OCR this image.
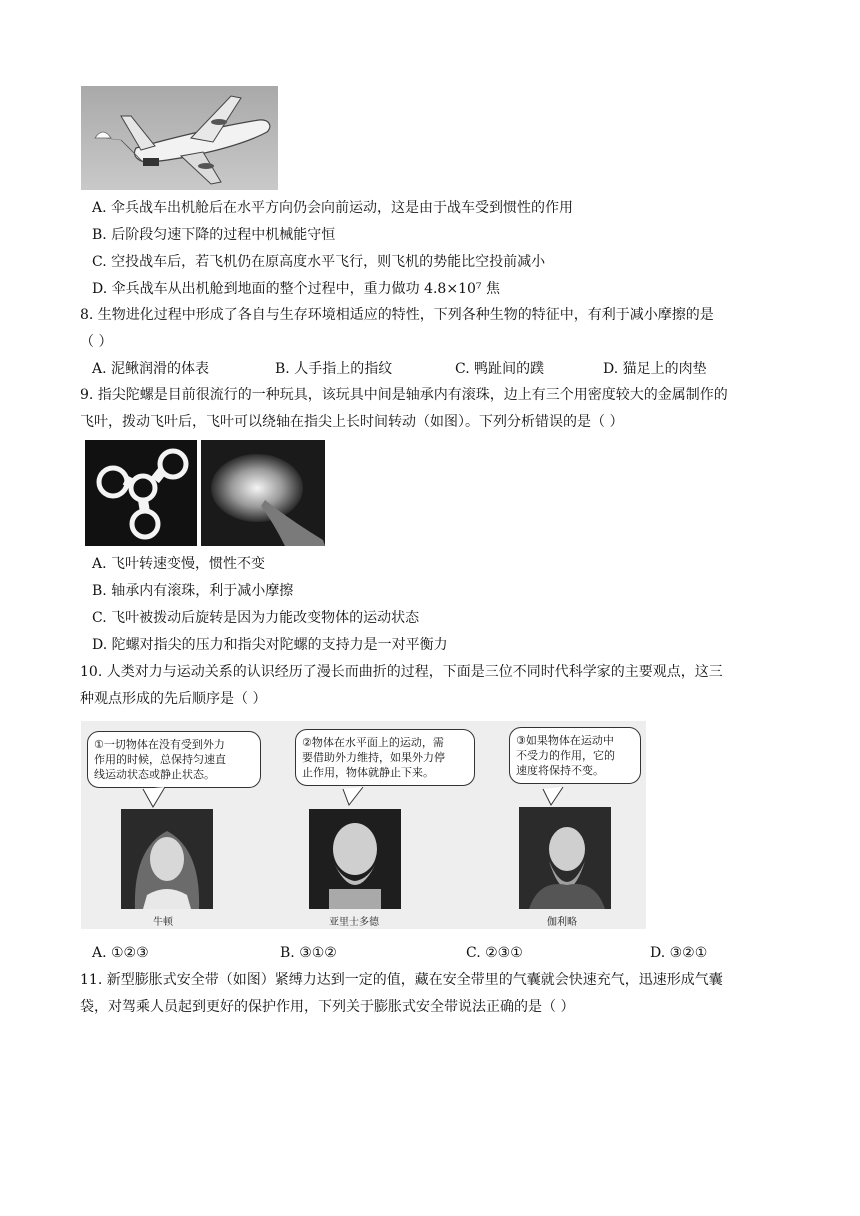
A. 伞兵战车出机舱后在水平方向仍会向前运动，这是由于战车受到惯性的作用
B. 后阶段匀速下降的过程中机械能守恒
C. 空投战车后，若飞机仍在原高度水平飞行，则飞机的势能比空投前减小
D. 伞兵战车从出机舱到地面的整个过程中，重力做功 4.8×10⁷ 焦
8. 生物进化过程中形成了各自与生存环境相适应的特性，下列各种生物的特征中，有利于减小摩擦的是
（ ）
A. 泥鳅润滑的体表	B. 人手指上的指纹	C. 鸭趾间的蹼	D. 猫足上的肉垫
9. 指尖陀螺是目前很流行的一种玩具，该玩具中间是轴承内有滚珠，边上有三个用密度较大的金属制作的
飞叶，拨动飞叶后，飞叶可以绕轴在指尖上长时间转动（如图）。下列分析错误的是（ ）
A. 飞叶转速变慢，惯性不变
B. 轴承内有滚珠，利于减小摩擦
C. 飞叶被拨动后旋转是因为力能改变物体的运动状态
D. 陀螺对指尖的压力和指尖对陀螺的支持力是一对平衡力
10. 人类对力与运动关系的认识经历了漫长而曲折的过程，下面是三位不同时代科学家的主要观点，这三
种观点形成的先后顺序是（ ）
①一切物体在没有受到外力
作用的时候，总保持匀速直
线运动状态或静止状态。
②物体在水平面上的运动，需
要借助外力维持，如果外力停
止作用，物体就静止下来。
③如果物体在运动中
不受力的作用，它的
速度将保持不变。
牛顿	亚里士多德	伽利略
A. ①②③	B. ③①②	C. ②③①	D. ③②①
11. 新型膨胀式安全带（如图）紧缚力达到一定的值，藏在安全带里的气囊就会快速充气，迅速形成气囊
袋，对驾乘人员起到更好的保护作用，下列关于膨胀式安全带说法正确的是（ ）
